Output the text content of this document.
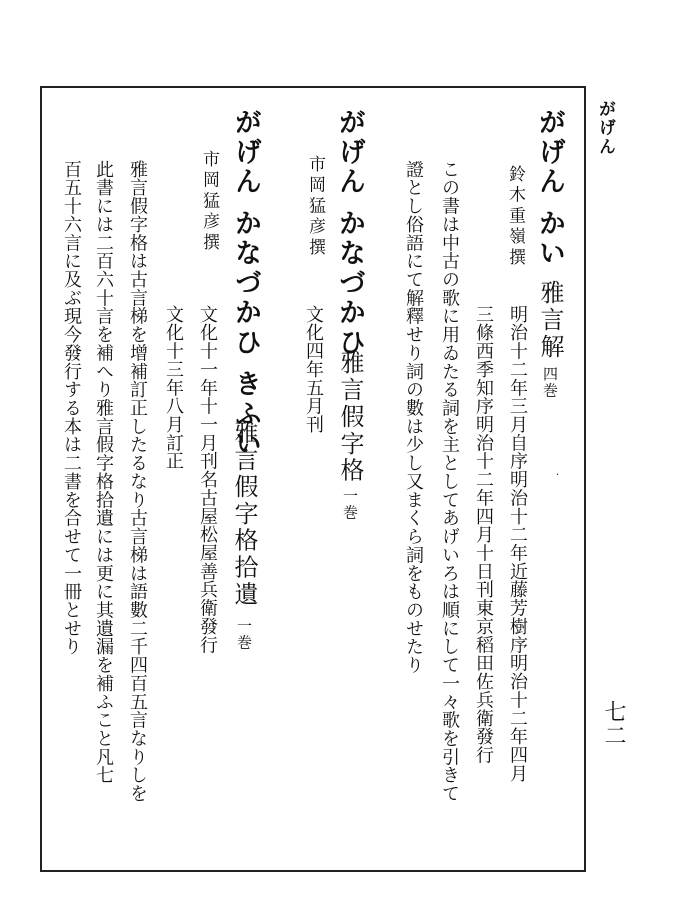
がげん
七二
がげん かい
鈴木重嶺撰
雅言解
四巻
明治十二年三月自序明治十二年近藤芳樹序明治十二年四月
三條西季知序明治十二年四月十日刊東京稻田佐兵衛發行
この書は中古の歌に用ゐたる詞を主としてあげいろは順にして一々歌を引きて
證とし俗語にて解釋せり詞の數は少し又まくら詞をものせたり
がげん かなづかひ
市岡猛彦撰
雅言假字格
一巻
文化四年五月刊
がげん かなづかひ きふい
市岡猛彦撰
雅言假字格拾遺
一巻
文化十一年十一月刊名古屋松屋善兵衛發行
文化十三年八月訂正
雅言假字格は古言梯を增補訂正したるなり古言梯は語數二千四百五言なりしを
此書には二百六十言を補へり雅言假字格拾遺には更に其遺漏を補ふこと凡七
百五十六言に及ぶ現今發行する本は二書を合せて一冊とせり	·
